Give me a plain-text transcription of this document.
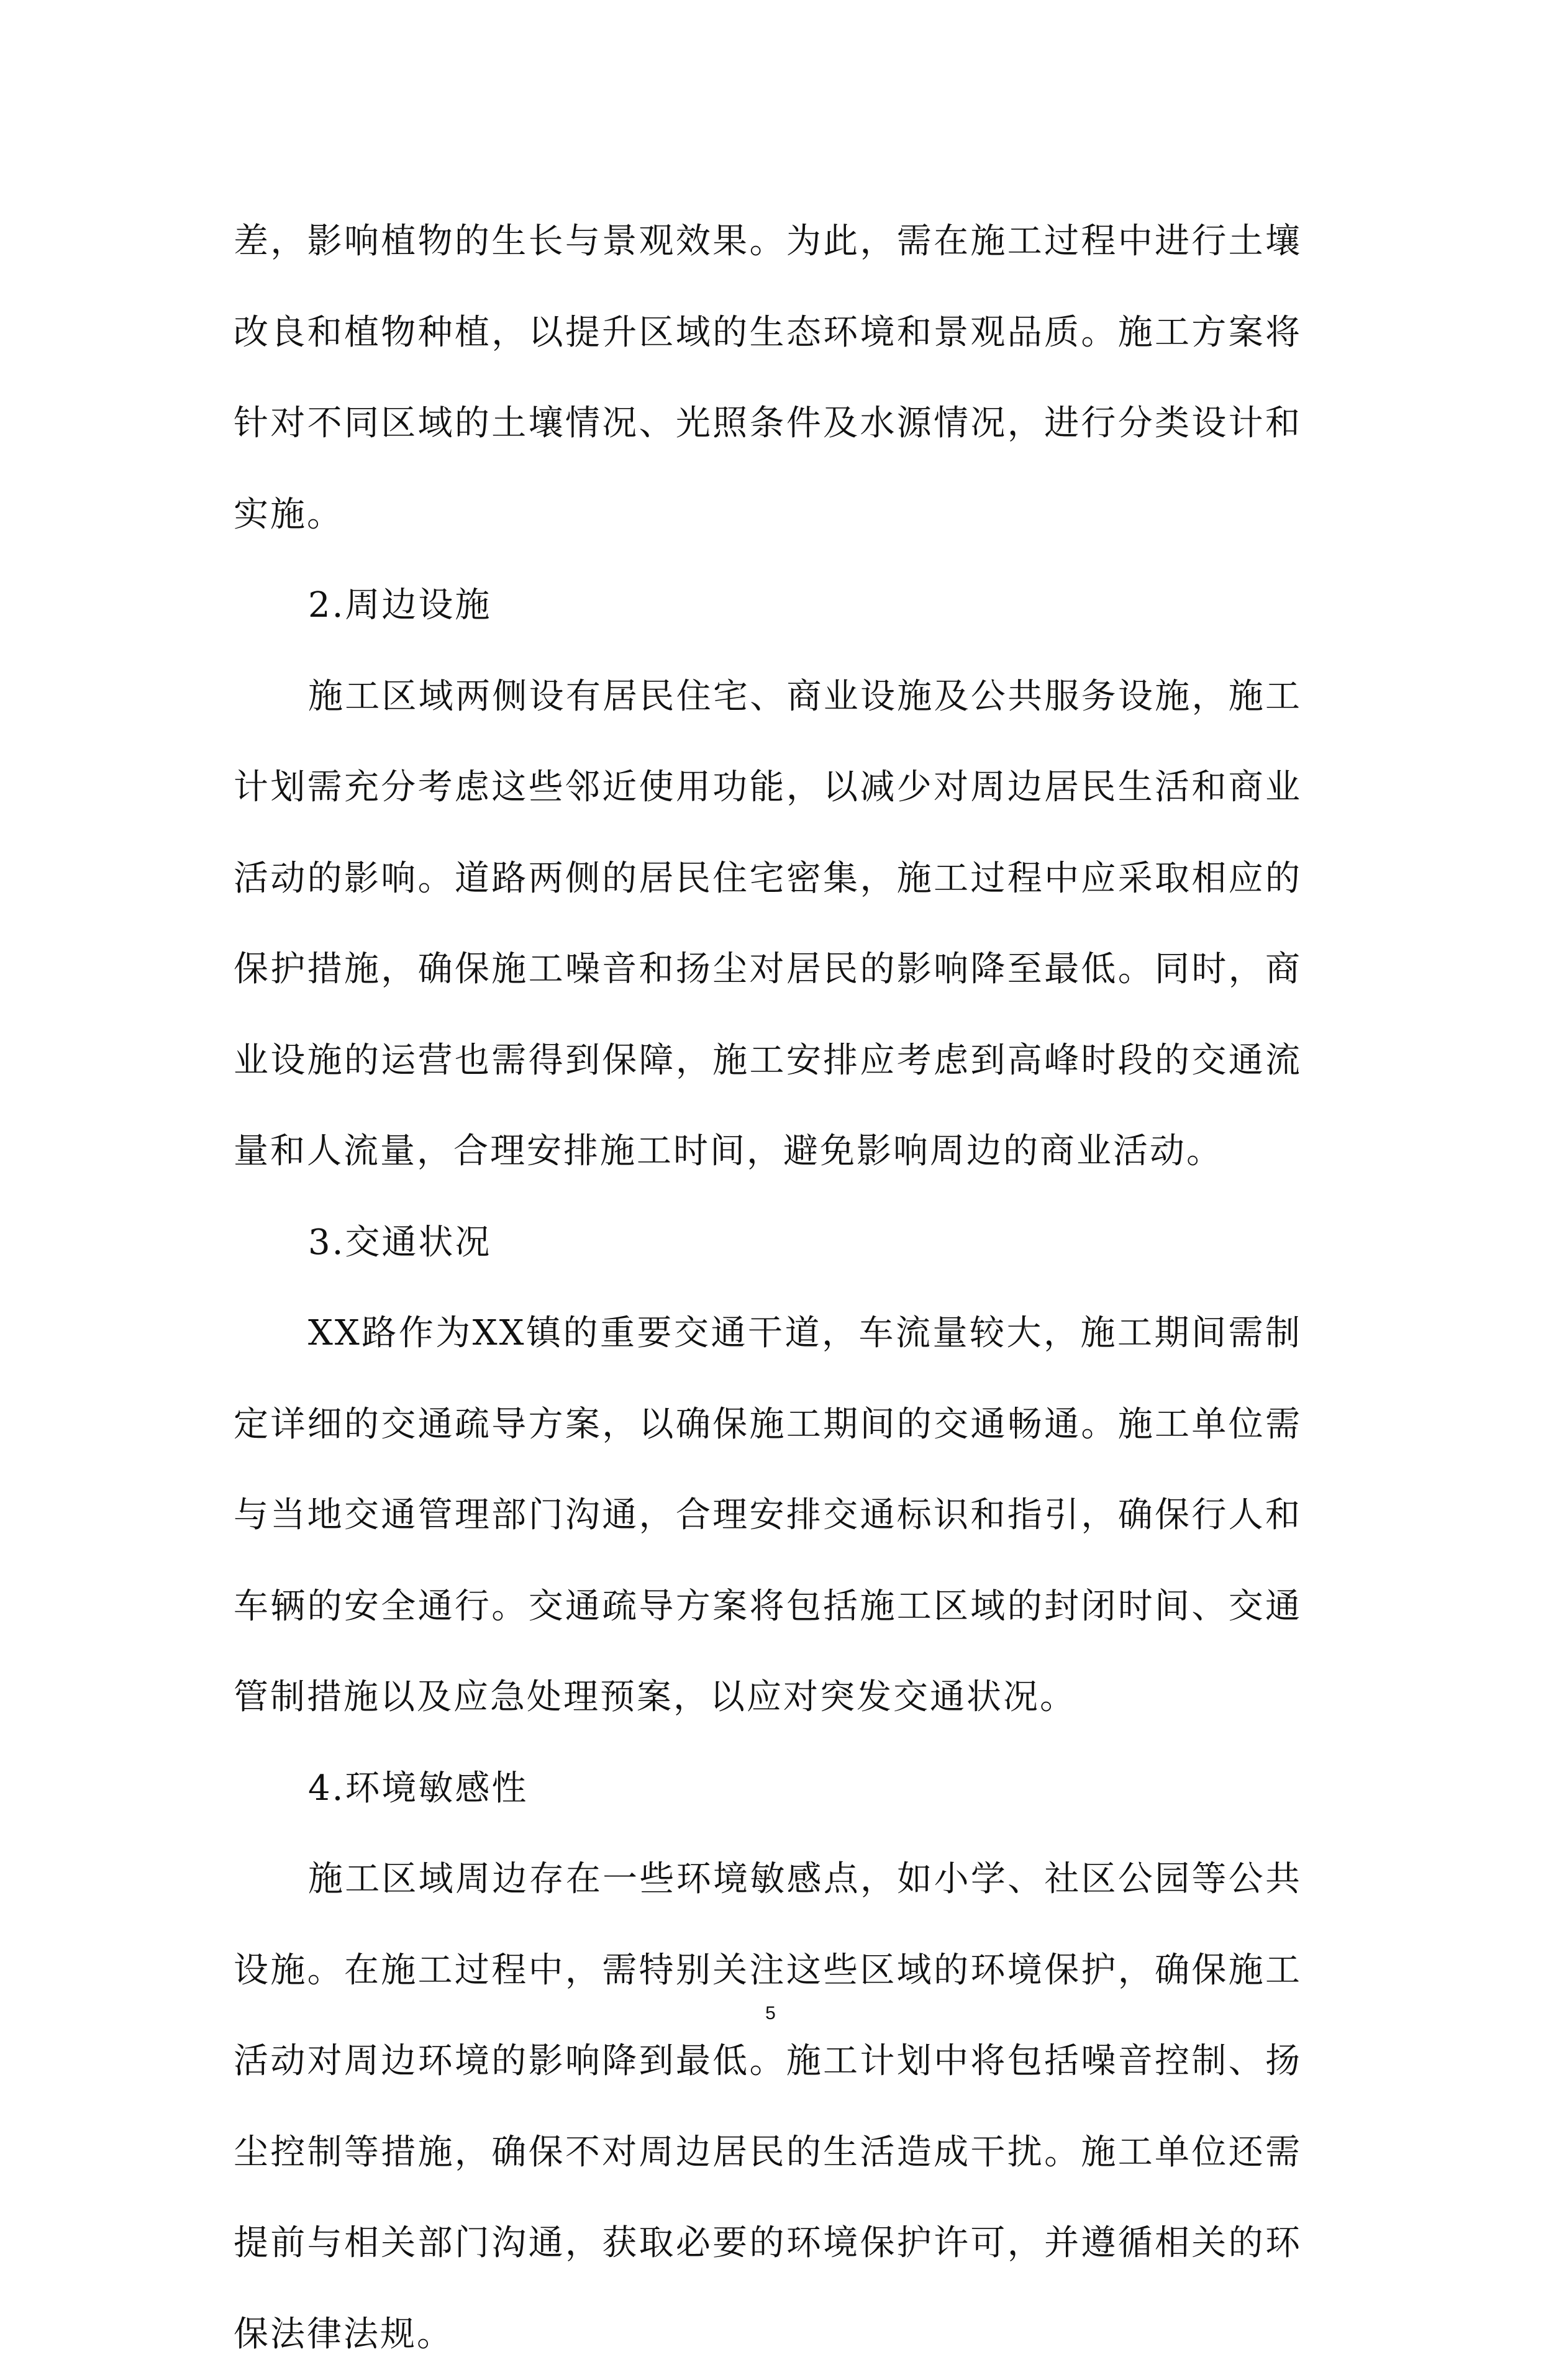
差，影响植物的生长与景观效果。为此，需在施工过程中进行土壤改良和植物种植，以提升区域的生态环境和景观品质。施工方案将针对不同区域的土壤情况、光照条件及水源情况，进行分类设计和实施。

2.周边设施

施工区域两侧设有居民住宅、商业设施及公共服务设施，施工计划需充分考虑这些邻近使用功能，以减少对周边居民生活和商业活动的影响。道路两侧的居民住宅密集，施工过程中应采取相应的保护措施，确保施工噪音和扬尘对居民的影响降至最低。同时，商业设施的运营也需得到保障，施工安排应考虑到高峰时段的交通流量和人流量，合理安排施工时间，避免影响周边的商业活动。

3.交通状况

XX路作为XX镇的重要交通干道，车流量较大，施工期间需制定详细的交通疏导方案，以确保施工期间的交通畅通。施工单位需与当地交通管理部门沟通，合理安排交通标识和指引，确保行人和车辆的安全通行。交通疏导方案将包括施工区域的封闭时间、交通管制措施以及应急处理预案，以应对突发交通状况。

4.环境敏感性

施工区域周边存在一些环境敏感点，如小学、社区公园等公共设施。在施工过程中，需特别关注这些区域的环境保护，确保施工活动对周边环境的影响降到最低。施工计划中将包括噪音控制、扬尘控制等措施，确保不对周边居民的生活造成干扰。施工单位还需提前与相关部门沟通，获取必要的环境保护许可，并遵循相关的环保法律法规。

5
